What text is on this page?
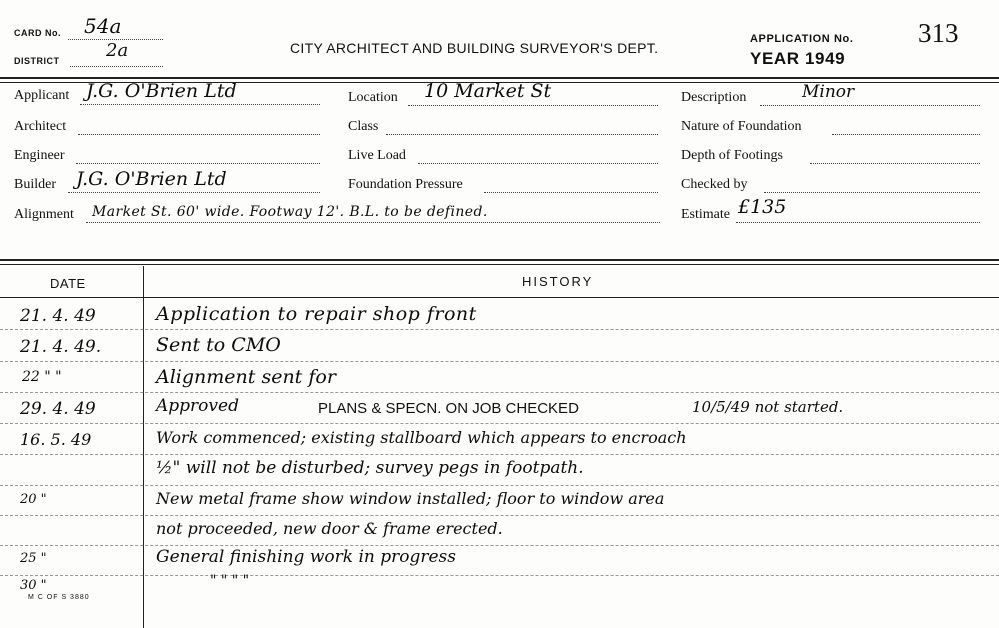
CARD No. 54a
DISTRICT	2a	CITY ARCHITECT AND BUILDING SURVEYOR'S DEPT.
APPLICATION No. 313
YEAR 1949
Applicant J.G. O'Brien Ltd	Location 10 Market St	Description	Minor
Architect	Class	Nature of Foundation
Engineer	Live Load	Depth of Footings
Builder J.G. O'Brien Ltd	Foundation Pressure	Checked by
Alignment Market St. 60' wide. Footway 12'. B.L. to be defined.	Estimate £135
DATE	HISTORY
21. 4. 49	Application to repair shop front
21. 4. 49.	Sent to CMO
22 " "	Alignment sent for
29. 4. 49	Approved	PLANS & SPECN. ON JOB CHECKED	10/5/49 not started.
16. 5. 49	Work commenced; existing stallboard which appears to encroach
½" will not be disturbed; survey pegs in footpath.
20 "	New metal frame show window installed; floor to window area
not proceeded, new door & frame erected.
25 "	General finishing work in progress
30 "	" " " "
M C OF S 3880
